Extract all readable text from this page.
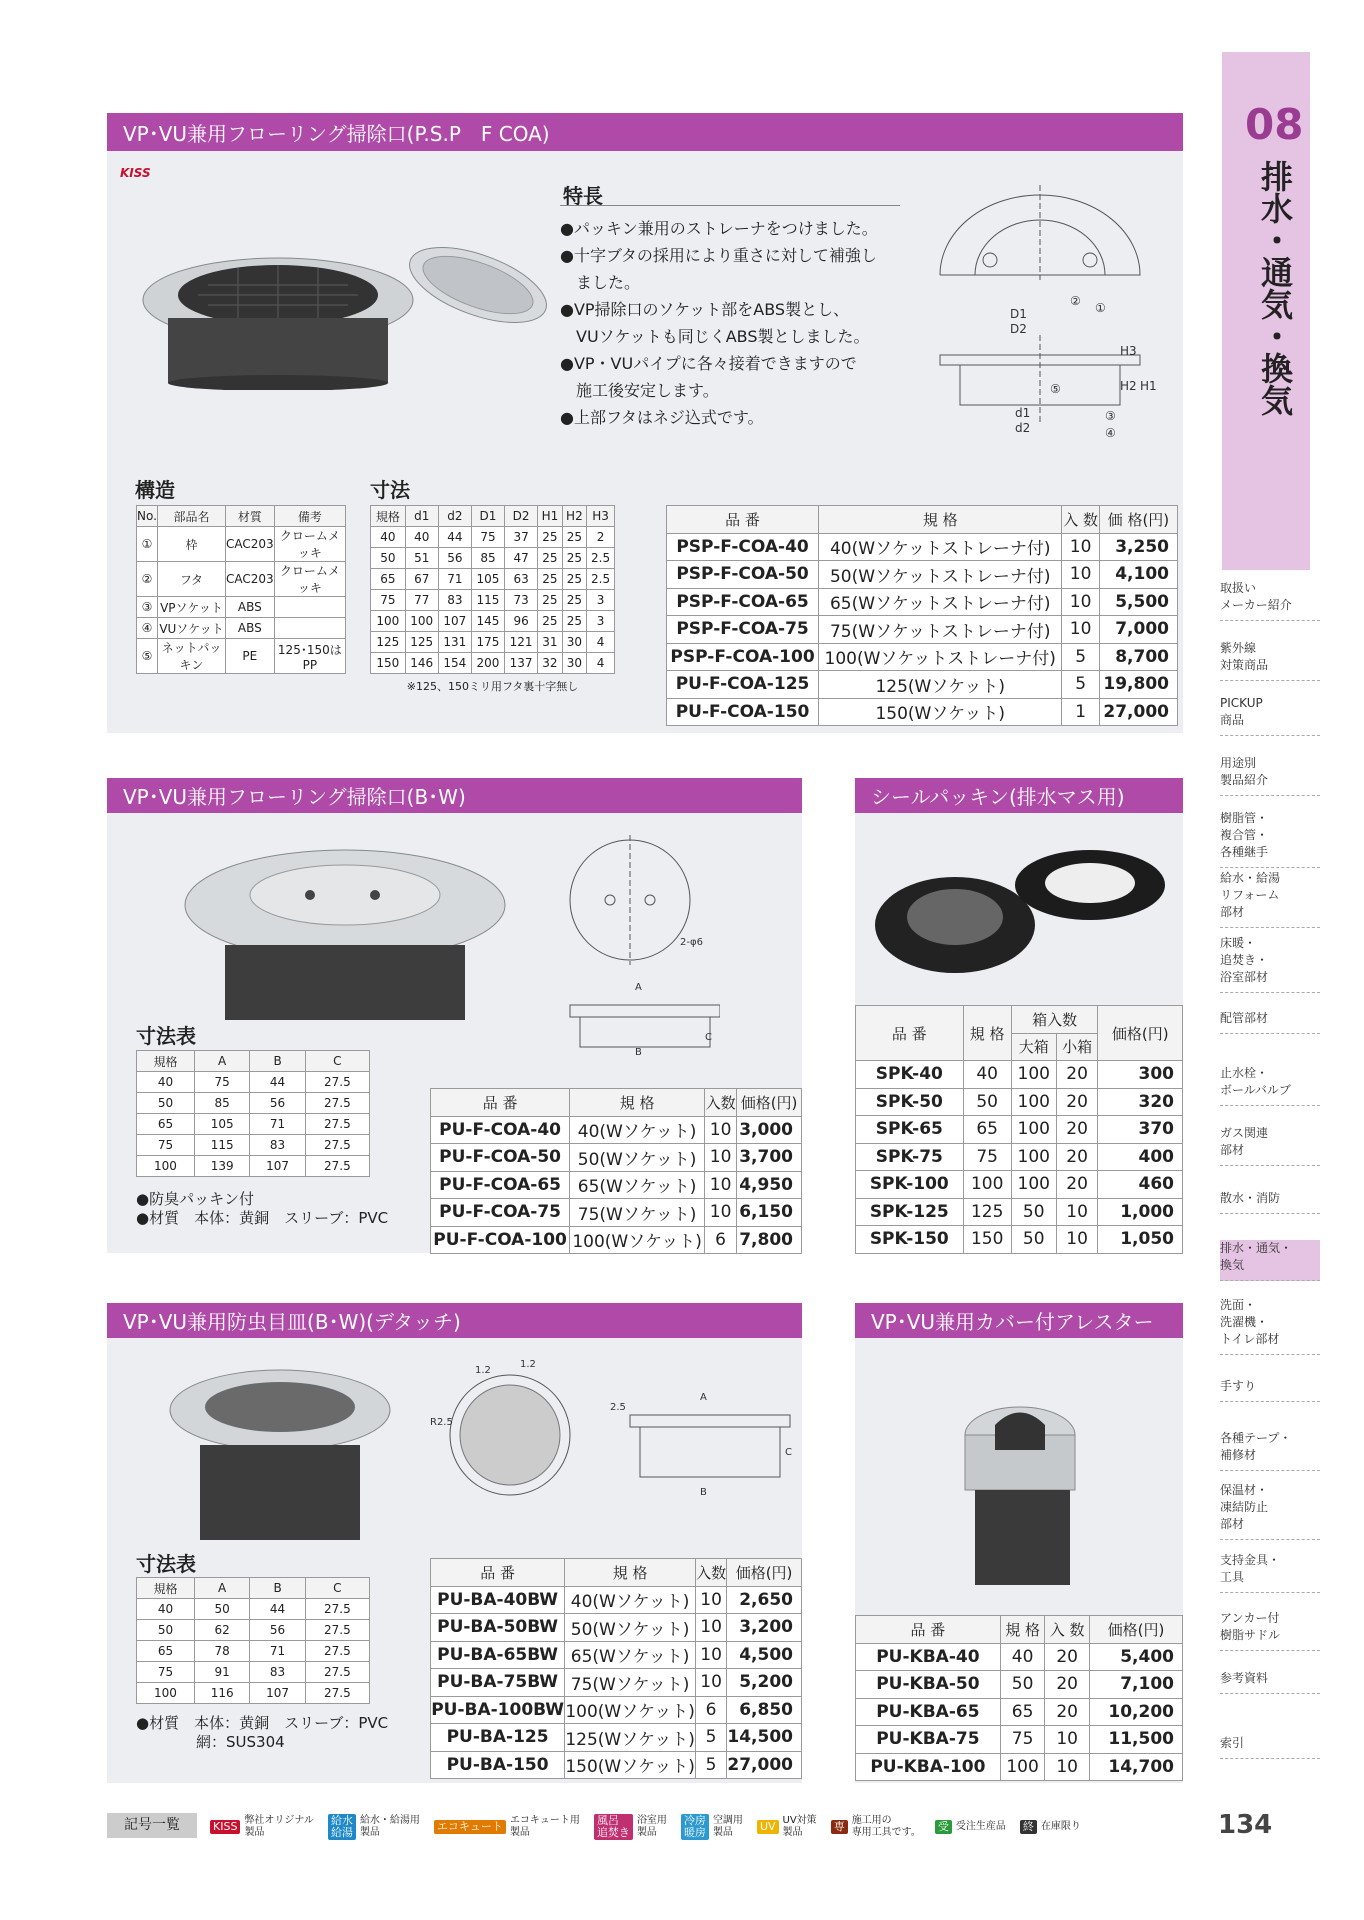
08
排水・通気・換気
取扱い
メーカー紹介
紫外線
対策商品
PICKUP
商品
用途別
製品紹介
樹脂管・
複合管・
各種継手
給水・給湯
リフォーム
部材
床暖・
追焚き・
浴室部材
配管部材
止水栓・
ボールバルブ
ガス関連
部材
散水・消防
排水・通気・
換気
洗面・
洗濯機・
トイレ部材
手すり
各種テープ・
補修材
保温材・
凍結防止
部材
支持金具・
工具
アンカー付
樹脂サドル
参考資料
索引
VP･VU兼用フローリング掃除口(P.S.P　F COA)
KISS
特長
●パッキン兼用のストレーナをつけました。
●十字ブタの採用により重さに対して補強し
　ました。
●VP掃除口のソケット部をABS製とし、
　VUソケットも同じくABS製としました。
●VP・VUパイプに各々接着できますので
　施工後安定します。
●上部フタはネジ込式です。
D1
D2
② ①
H3
H2 H1
⑤
③
④
d1
d2
構造
No.	部品名	材質	備考
①	枠	CAC203	クロームメッキ
②	フタ	CAC203	クロームメッキ
③	VPソケット	ABS	
④	VUソケット	ABS	
⑤	ネットパッキン	PE	125･150はPP
寸法
規格	d1	d2	D1	D2	H1	H2	H3
40	40	44	75	37	25	25	2
50	51	56	85	47	25	25	2.5
65	67	71	105	63	25	25	2.5
75	77	83	115	73	25	25	3
100	100	107	145	96	25	25	3
125	125	131	175	121	31	30	4
150	146	154	200	137	32	30	4
※125、150ミリ用フタ裏十字無し
品 番	規 格	入 数	価 格(円)
PSP-F-COA-40	40(Wソケットストレーナ付)	10	3,250
PSP-F-COA-50	50(Wソケットストレーナ付)	10	4,100
PSP-F-COA-65	65(Wソケットストレーナ付)	10	5,500
PSP-F-COA-75	75(Wソケットストレーナ付)	10	7,000
PSP-F-COA-100	100(Wソケットストレーナ付)	5	8,700
PU-F-COA-125	125(Wソケット)	5	19,800
PU-F-COA-150	150(Wソケット)	1	27,000
VP･VU兼用フローリング掃除口(B･W)
A
B
C
2-φ6
寸法表
規格	A	B	C
40	75	44	27.5
50	85	56	27.5
65	105	71	27.5
75	115	83	27.5
100	139	107	27.5
●防臭パッキン付
●材質　本体：黄銅　スリーブ：PVC
品 番	規 格	入数	価格(円)
PU-F-COA-40	40(Wソケット)	10	3,000
PU-F-COA-50	50(Wソケット)	10	3,700
PU-F-COA-65	65(Wソケット)	10	4,950
PU-F-COA-75	75(Wソケット)	10	6,150
PU-F-COA-100	100(Wソケット)	6	7,800
シールパッキン(排水マス用)
品 番	規 格	箱入数		価格(円)
		大箱	小箱	
SPK-40	40	100	20	300
SPK-50	50	100	20	320
SPK-65	65	100	20	370
SPK-75	75	100	20	400
SPK-100	100	100	20	460
SPK-125	125	50	10	1,000
SPK-150	150	50	10	1,050
VP･VU兼用防虫目皿(B･W)(デタッチ)
1.2
1.2
R2.5
2.5
A
B
C
寸法表
規格	A	B	C
40	50	44	27.5
50	62	56	27.5
65	78	71	27.5
75	91	83	27.5
100	116	107	27.5
●材質　本体：黄銅　スリーブ：PVC
　　　　網：SUS304
品 番	規 格	入数	価格(円)
PU-BA-40BW	40(Wソケット)	10	2,650
PU-BA-50BW	50(Wソケット)	10	3,200
PU-BA-65BW	65(Wソケット)	10	4,500
PU-BA-75BW	75(Wソケット)	10	5,200
PU-BA-100BW	100(Wソケット)	6	6,850
PU-BA-125	125(Wソケット)	5	14,500
PU-BA-150	150(Wソケット)	5	27,000
VP･VU兼用カバー付アレスター
品 番	規 格	入 数	価格(円)
PU-KBA-40	40	20	5,400
PU-KBA-50	50	20	7,100
PU-KBA-65	65	20	10,200
PU-KBA-75	75	10	11,500
PU-KBA-100	100	10	14,700
記号一覧	KISS 弊社オリジナル
製品
給水
給湯
給水・給湯用
製品	エコキュート エコキュート用
製品
風呂
追焚き
浴室用
製品
冷房
暖房
空調用
製品	UV UV対策
製品	専 施工用の
専用工具です。 受 受注生産品 終 在庫限り	134
